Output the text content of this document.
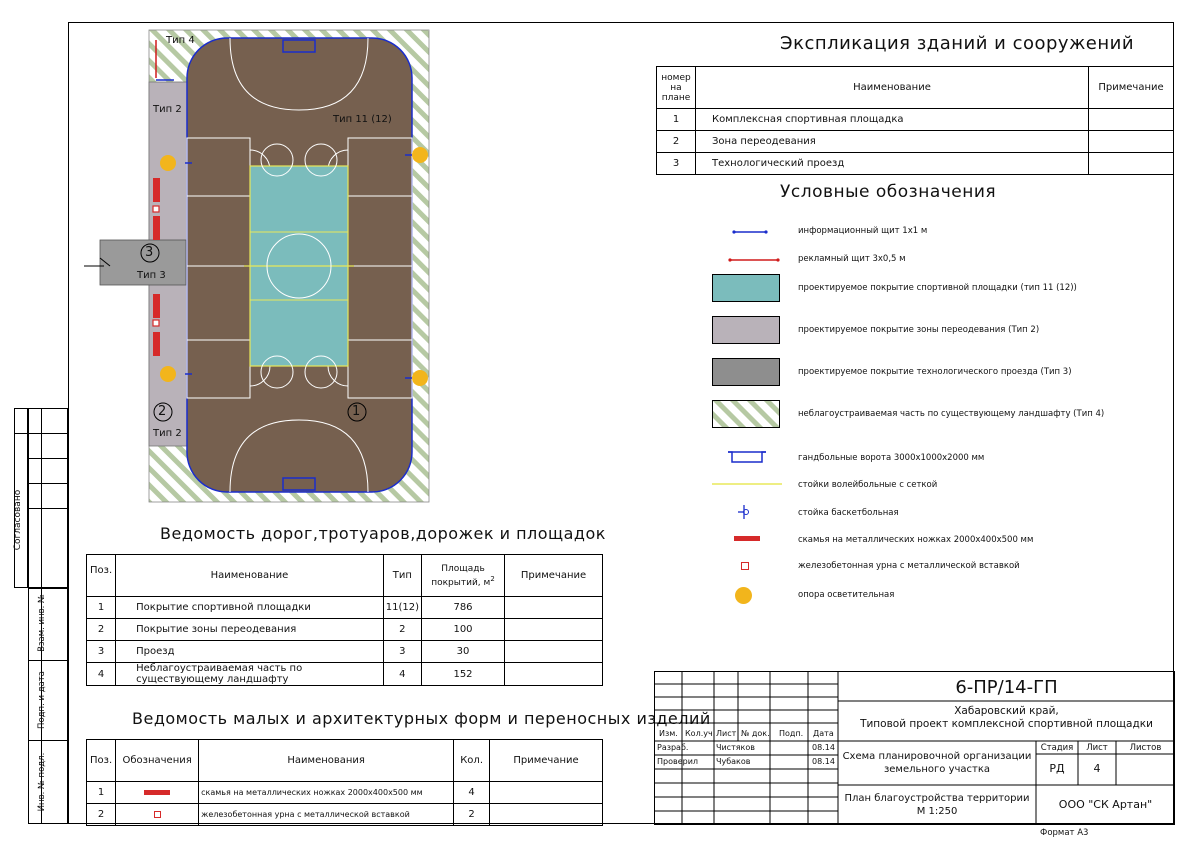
Согласовано
Взам. инв. №
Подп. и дата
Инв. № подл.
Тип 4
Тип 2
Тип 11 (12)
Тип 3
Тип 2
3
2	1
Экспликация зданий и сооружений
номер на плане	Наименование	Примечание
1	Комплексная спортивная площадка	
2	Зона переодевания	
3	Технологический проезд	
Условные обозначения
информационный щит 1х1 м
рекламный щит 3х0,5 м
проектируемое покрытие спортивной площадки (тип 11 (12))
проектируемое покрытие зоны переодевания (Тип 2)
проектируемое покрытие технологического проезда (Тип 3)
неблагоустраиваемая часть по существующему ландшафту (Тип 4)
гандбольные ворота 3000х1000х2000 мм
стойки волейбольные с сеткой
стойка баскетбольная
скамья на металлических ножках 2000х400х500 мм
железобетонная урна с металлической вставкой
опора осветительная
Ведомость дорог,тротуаров,дорожек и площадок
Поз.	Наименование	Тип	Площадь покрытий, $м^2$	Примечание
1	Покрытие спортивной площадки	11(12)	786	
2	Покрытие зоны переодевания	2	100	
3	Проезд	3	30	
4	Неблагоустраиваемая часть по существующему ландшафту	4	152	
Ведомость малых и архитектурных форм и переносных изделий
Поз.	Обозначения	Наименования	Кол.	Примечание
1		скамья на металлических ножках 2000х400х500 мм	4	
2		железобетонная урна с металлической вставкой	2	
Изм. Кол.уч Лист № док. Подп. Дата
Разраб.	Чистяков	08.14
Проверил Чубаков	08.14
6-ПР/14-ГП
Хабаровский край,
Типовой проект комплексной спортивной площадки
Схема планировочной организации
земельного участка
Стадия	Лист	Листов
РД	4
План благоустройства территории
М 1:250
ООО "СК Артан"
Формат А3
